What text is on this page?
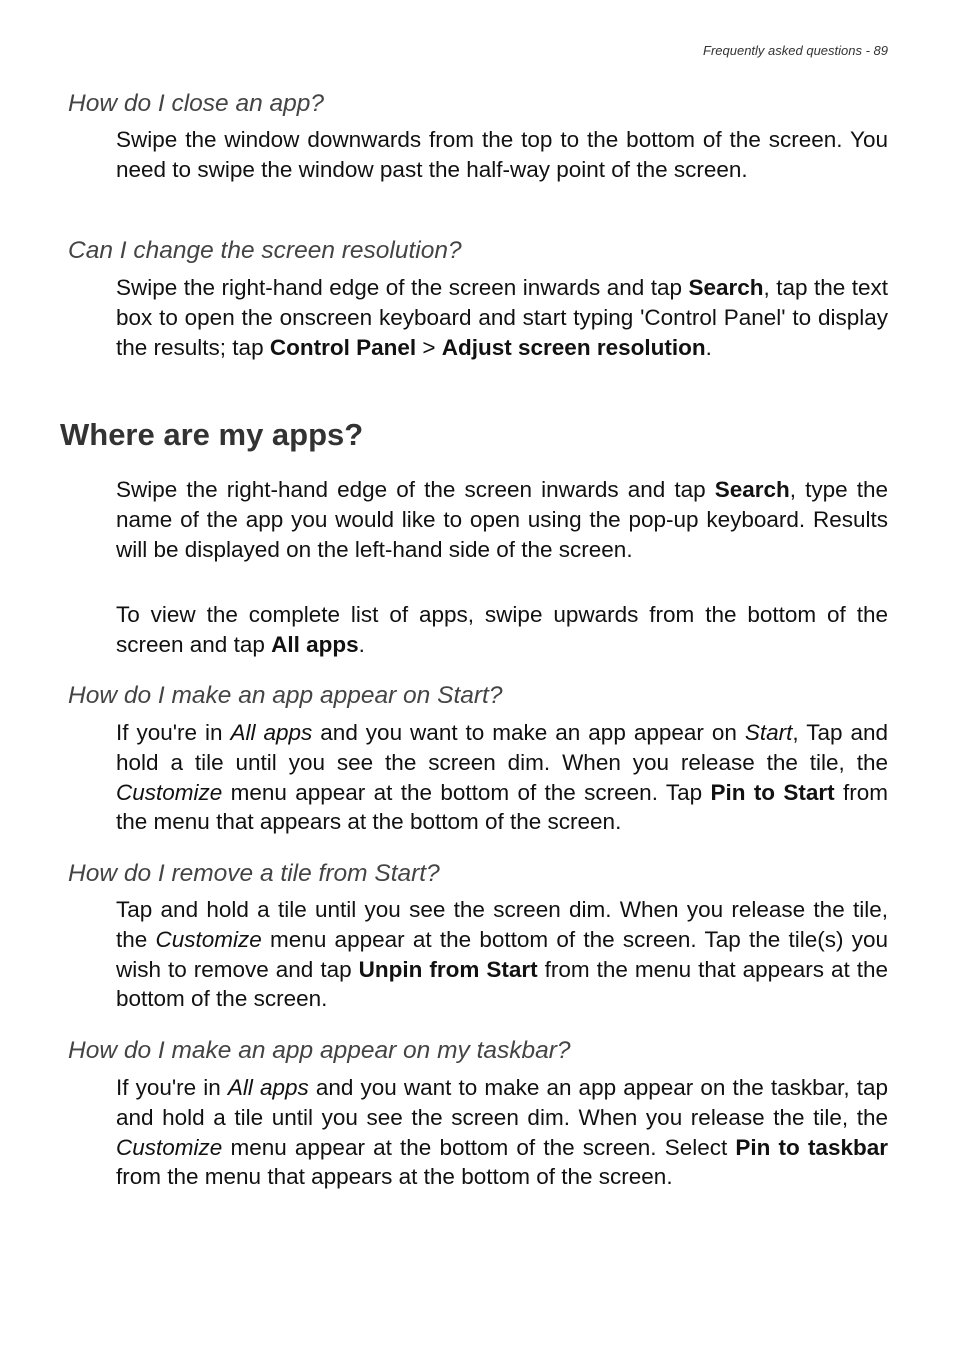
Frequently asked questions - 89
How do I close an app?

Swipe the window downwards from the top to the bottom of the screen. You need to swipe the window past the half-way point of the screen.

Can I change the screen resolution?

Swipe the right-hand edge of the screen inwards and tap Search, tap the text box to open the onscreen keyboard and start typing 'Control Panel' to display the results; tap Control Panel > Adjust screen resolution.

Where are my apps?

Swipe the right-hand edge of the screen inwards and tap Search, type the name of the app you would like to open using the pop-up keyboard. Results will be displayed on the left-hand side of the screen.

To view the complete list of apps, swipe upwards from the bottom of the screen and tap All apps.

How do I make an app appear on Start?

If you're in All apps and you want to make an app appear on Start, Tap and hold a tile until you see the screen dim. When you release the tile, the Customize menu appear at the bottom of the screen. Tap Pin to Start from the menu that appears at the bottom of the screen.

How do I remove a tile from Start?

Tap and hold a tile until you see the screen dim. When you release the tile, the Customize menu appear at the bottom of the screen. Tap the tile(s) you wish to remove and tap Unpin from Start from the menu that appears at the bottom of the screen.

How do I make an app appear on my taskbar?

If you're in All apps and you want to make an app appear on the taskbar, tap and hold a tile until you see the screen dim. When you release the tile, the Customize menu appear at the bottom of the screen. Select Pin to taskbar from the menu that appears at the bottom of the screen.
